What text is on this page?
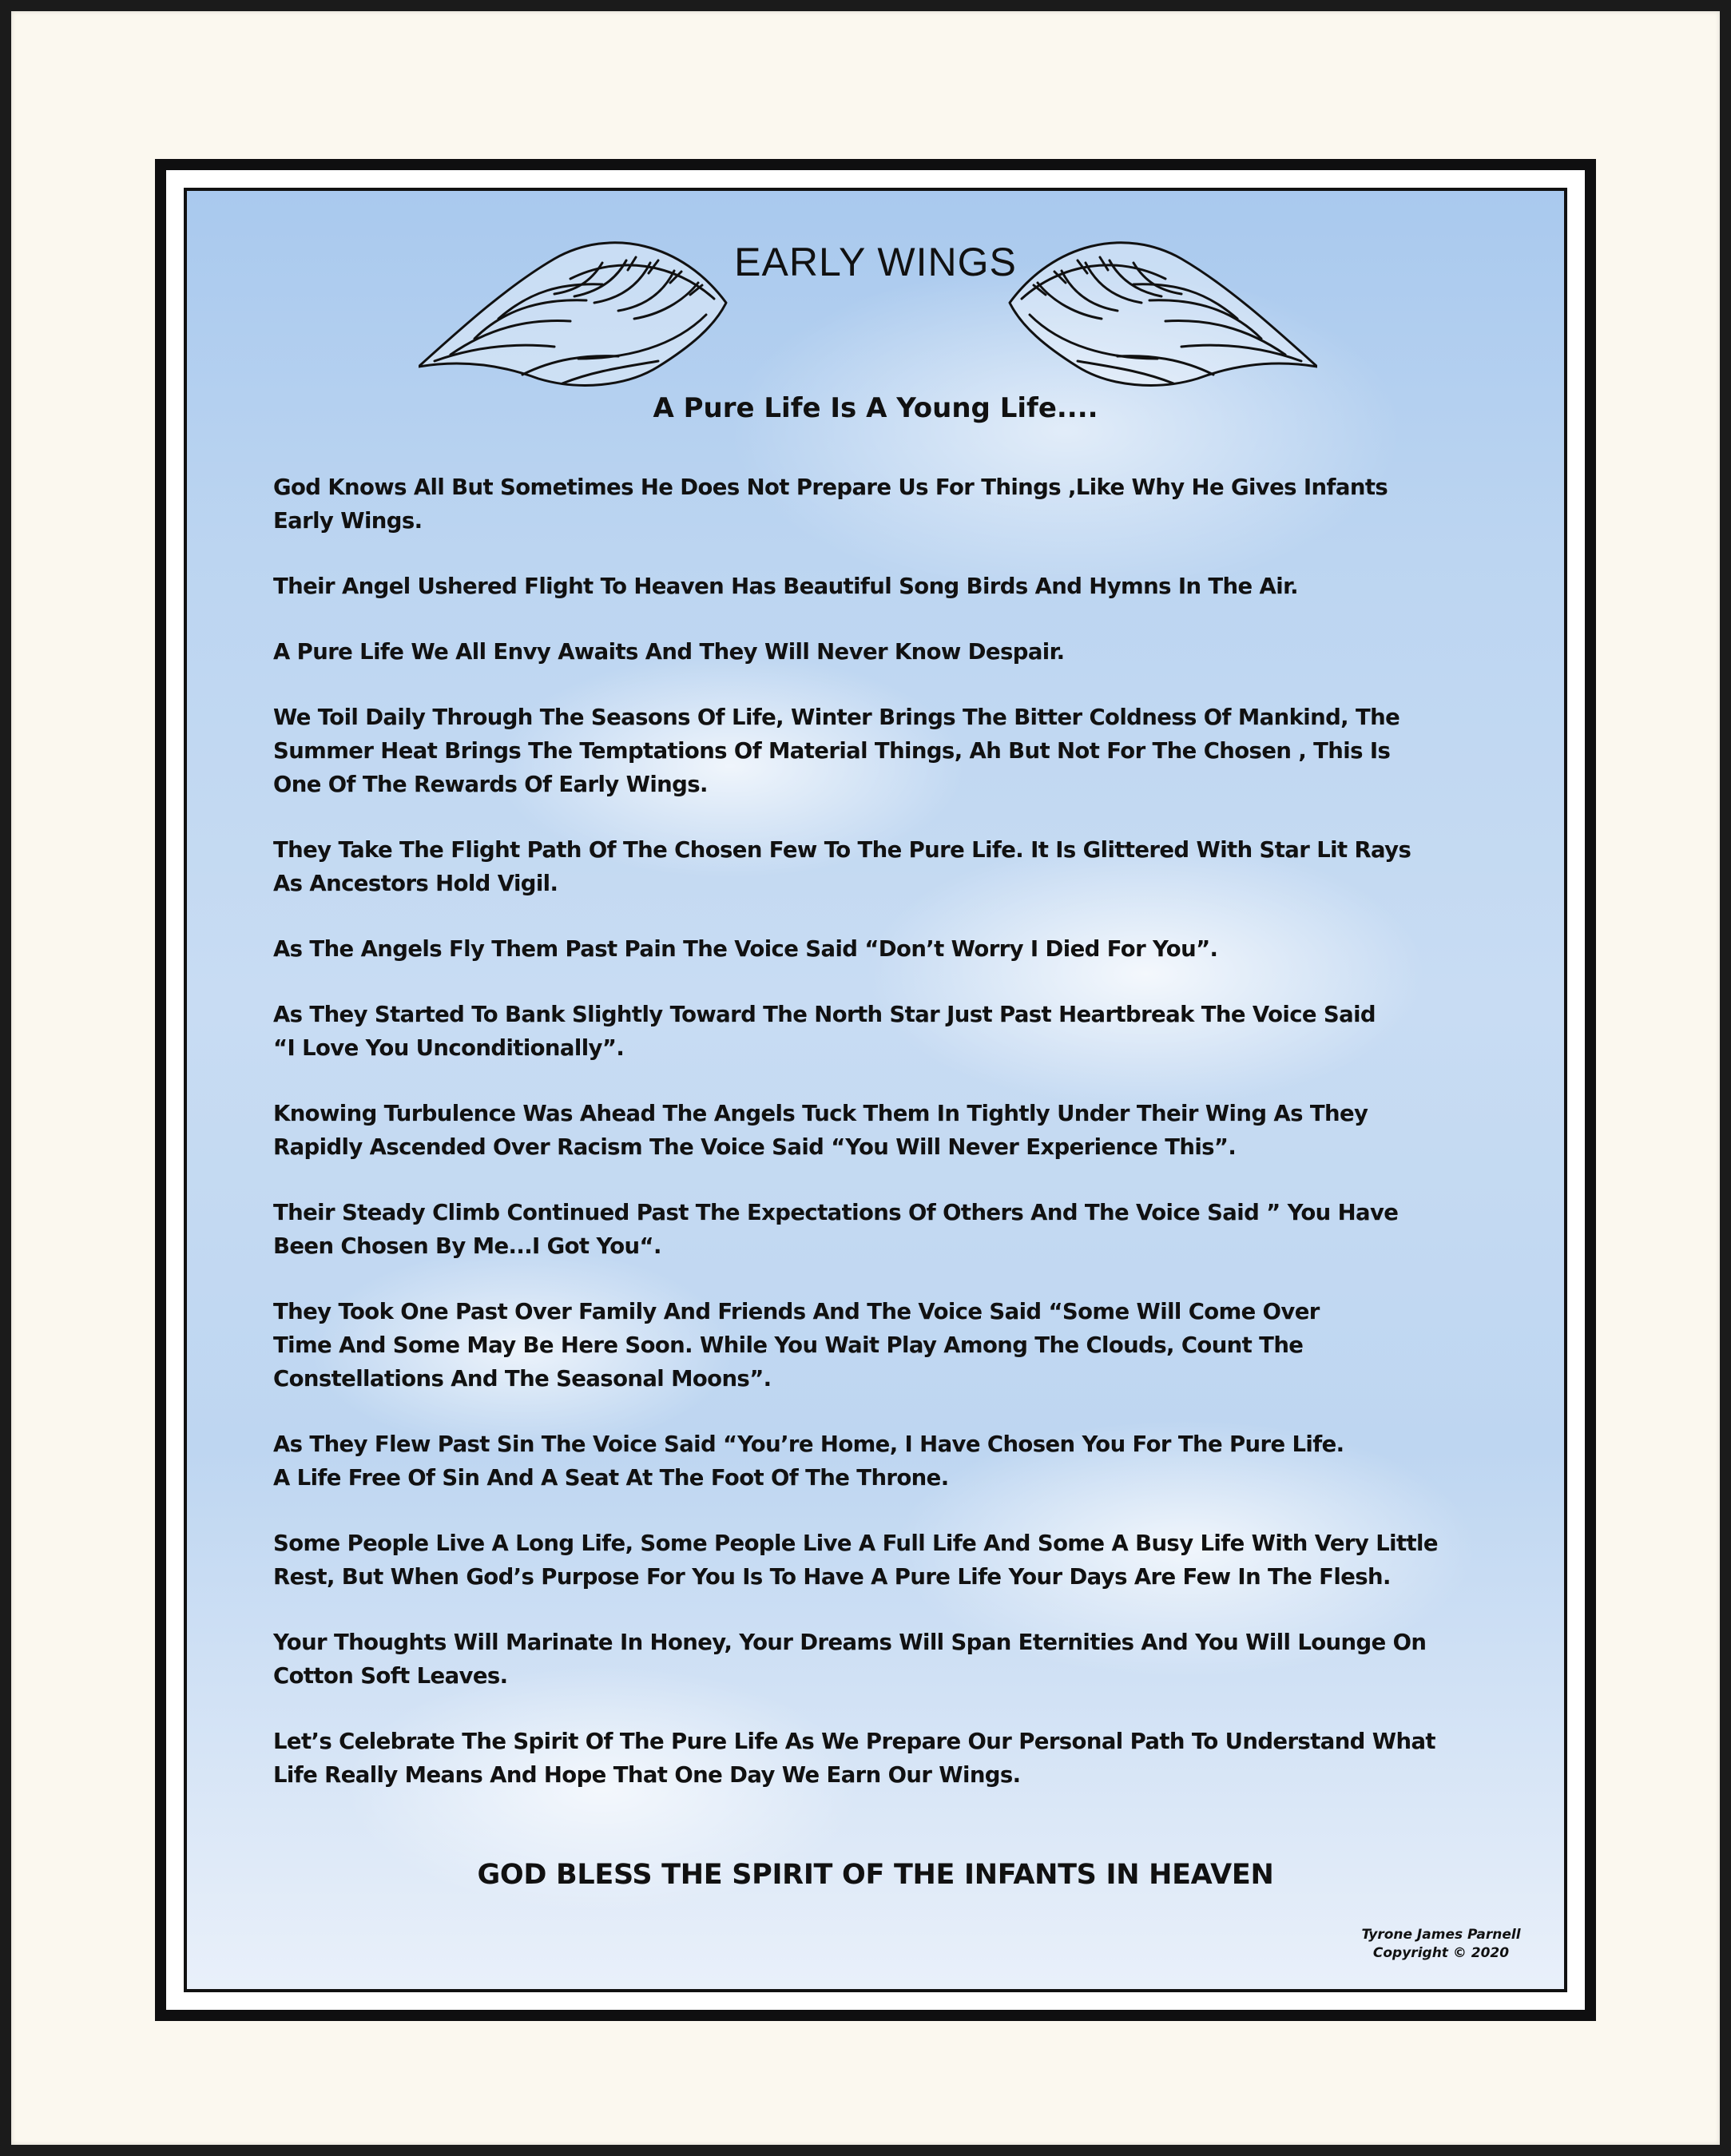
EARLY WINGS
A Pure Life Is A Young Life....

God Knows All But Sometimes He Does Not Prepare Us For Things ,Like Why He Gives Infants
Early Wings.

Their Angel Ushered Flight To Heaven Has Beautiful Song Birds And Hymns In The Air.

A Pure Life We All Envy Awaits And They Will Never Know Despair.

We Toil Daily Through The Seasons Of Life, Winter Brings The Bitter Coldness Of Mankind, The
Summer Heat Brings The Temptations Of Material Things, Ah But Not For The Chosen , This Is
One Of The Rewards Of Early Wings.

They Take The Flight Path Of The Chosen Few To The Pure Life. It Is Glittered With Star Lit Rays
As Ancestors Hold Vigil.

As The Angels Fly Them Past Pain The Voice Said “Don’t Worry I Died For You”.

As They Started To Bank Slightly Toward The North Star Just Past Heartbreak The Voice Said
“I Love You Unconditionally”.

Knowing Turbulence Was Ahead The Angels Tuck Them In Tightly Under Their Wing As They
Rapidly Ascended Over Racism The Voice Said “You Will Never Experience This”.

Their Steady Climb Continued Past The Expectations Of Others And The Voice Said ” You Have
Been Chosen By Me...I Got You“.

They Took One Past Over Family And Friends And The Voice Said “Some Will Come Over
Time And Some May Be Here Soon. While You Wait Play Among The Clouds, Count The
Constellations And The Seasonal Moons”.

As They Flew Past Sin The Voice Said “You’re Home, I Have Chosen You For The Pure Life.
A Life Free Of Sin And A Seat At The Foot Of The Throne.

Some People Live A Long Life, Some People Live A Full Life And Some A Busy Life With Very Little
Rest, But When God’s Purpose For You Is To Have A Pure Life Your Days Are Few In The Flesh.

Your Thoughts Will Marinate In Honey, Your Dreams Will Span Eternities And You Will Lounge On
Cotton Soft Leaves.

Let’s Celebrate The Spirit Of The Pure Life As We Prepare Our Personal Path To Understand What
Life Really Means And Hope That One Day We Earn Our Wings.

GOD BLESS THE SPIRIT OF THE INFANTS IN HEAVEN
Tyrone James Parnell
Copyright © 2020
